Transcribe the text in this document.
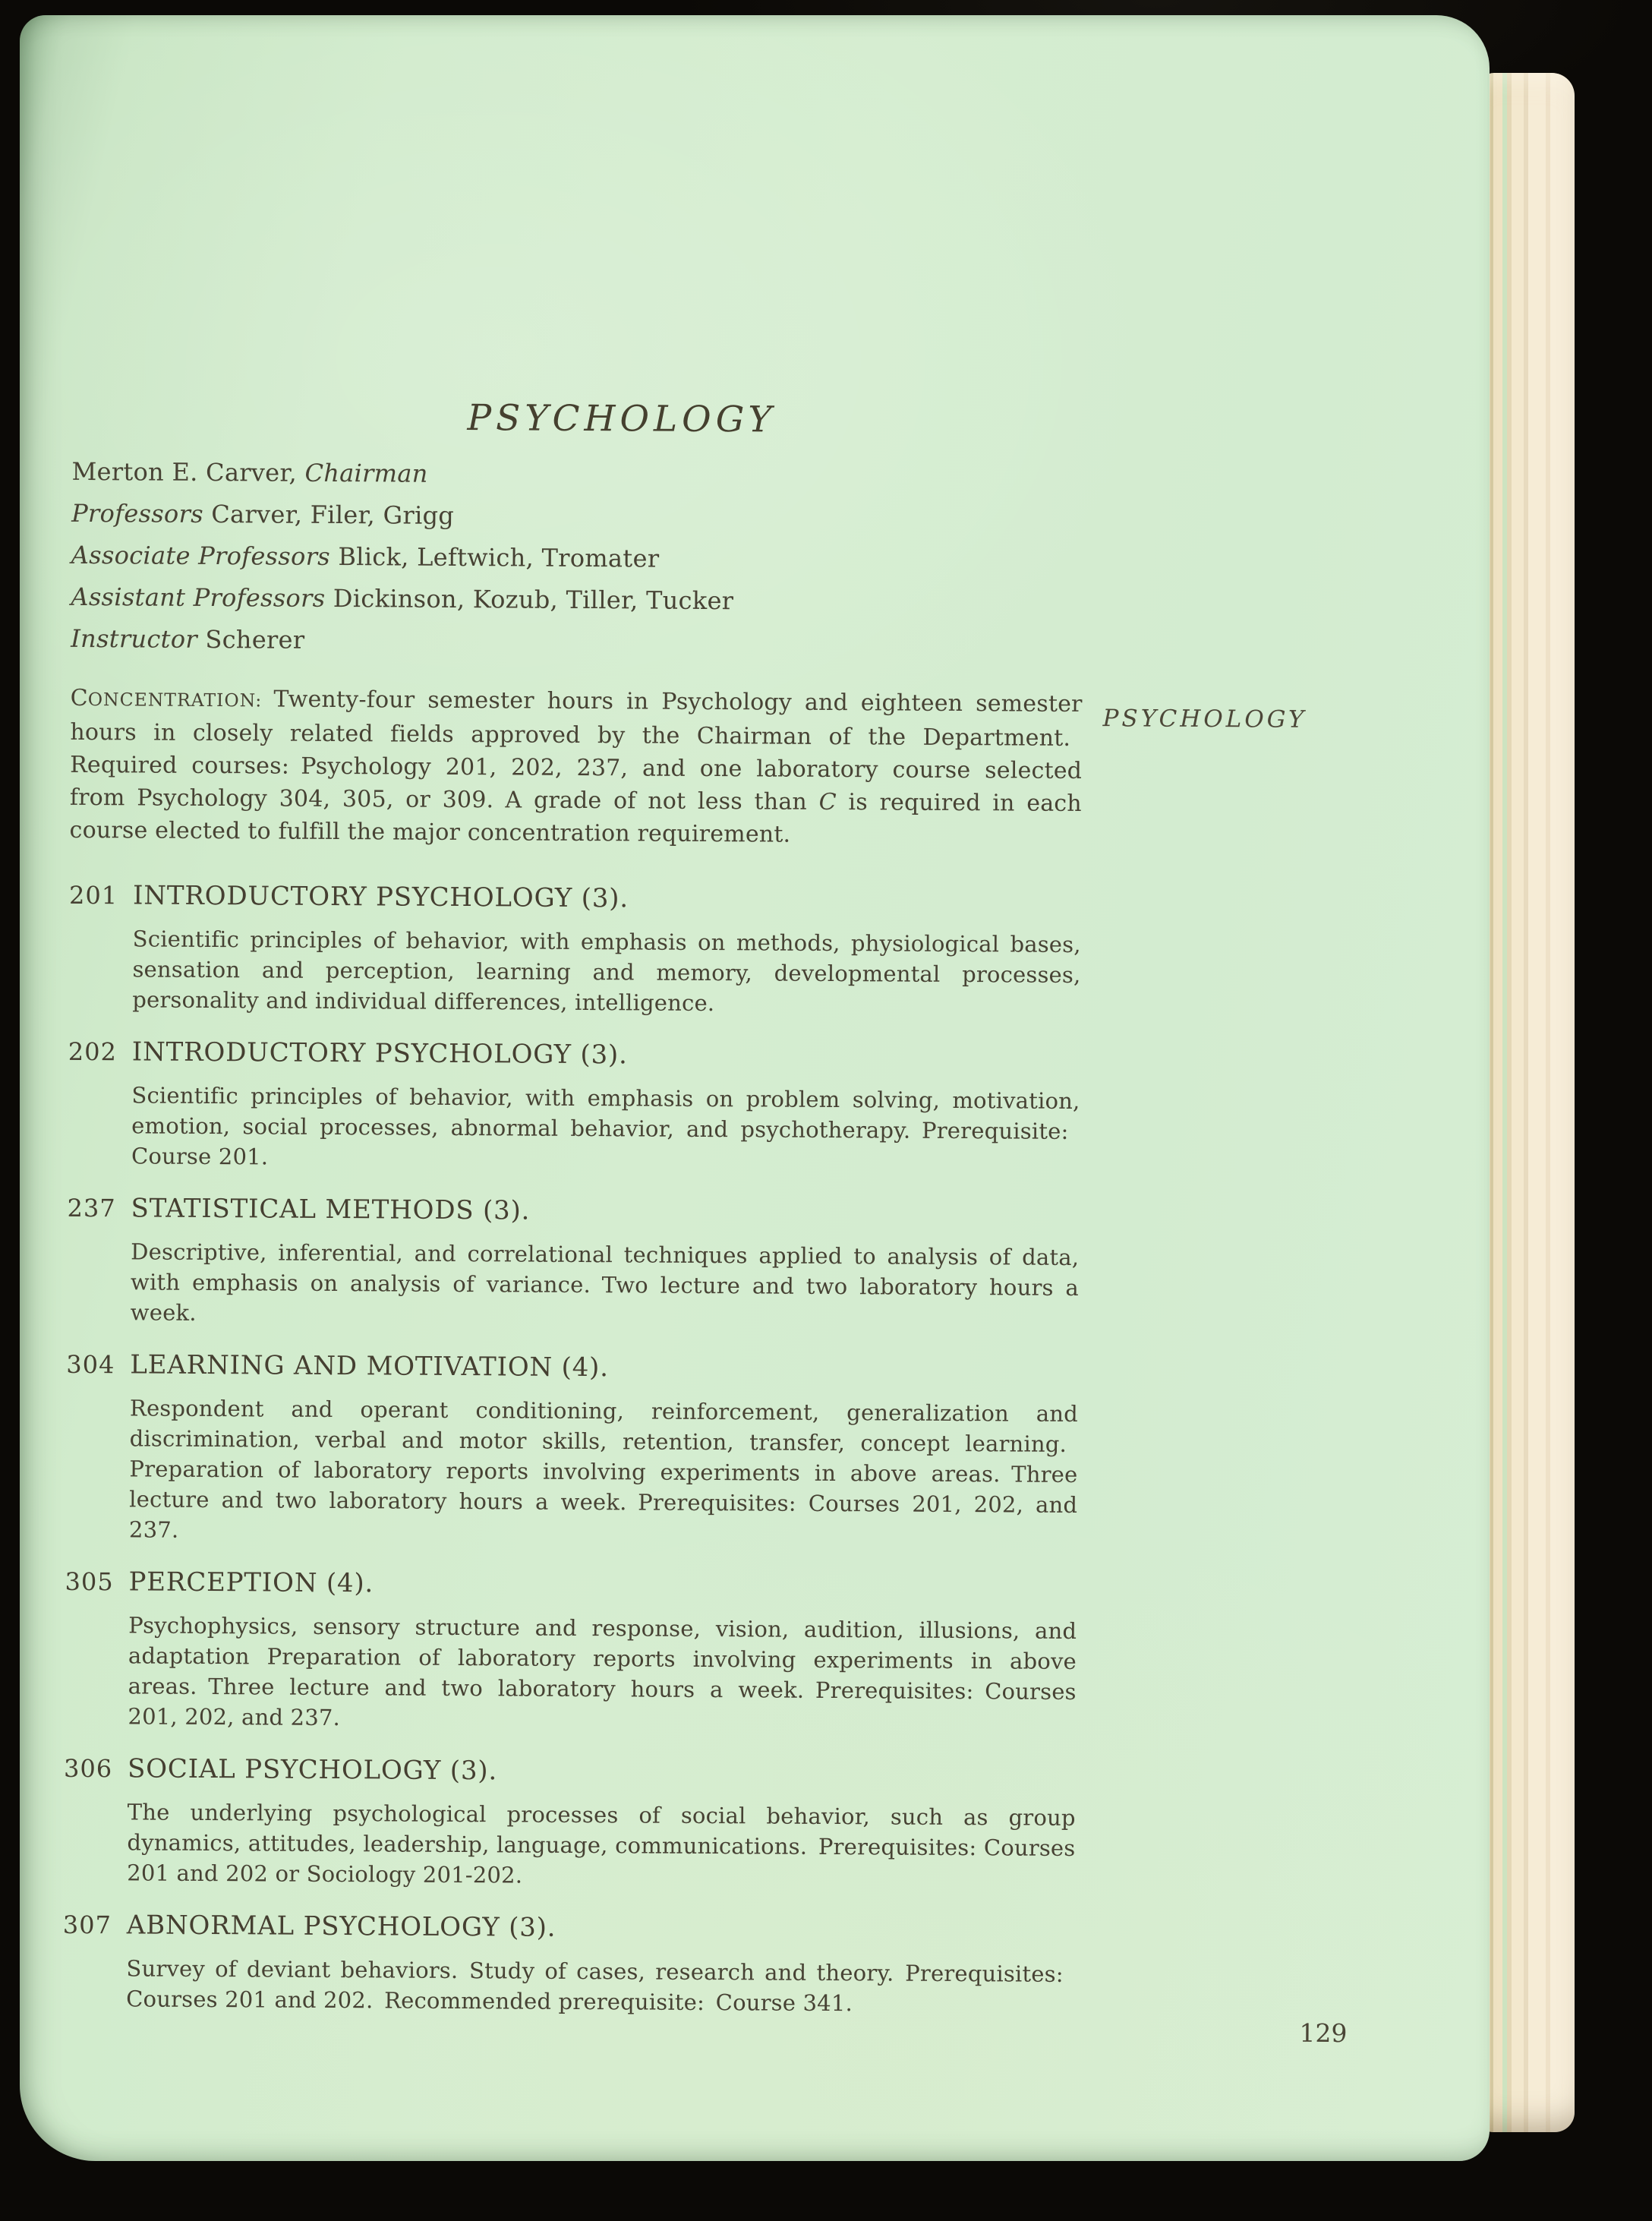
PSYCHOLOGY
PSYCHOLOGY

Merton E. Carver, Chairman

Professors Carver, Filer, Grigg

Associate Professors Blick, Leftwich, Tromater

Assistant Professors Dickinson, Kozub, Tiller, Tucker

Instructor Scherer

CONCENTRATION: Twenty-four semester hours in Psychology and eighteen semester hours in closely related fields approved by the Chairman of the Department. Required courses: Psychology 201, 202, 237, and one laboratory course selected from Psychology 304, 305, or 309. A grade of not less than C is required in each course elected to fulfill the major concentration requirement.
201 INTRODUCTORY PSYCHOLOGY (3).

Scientific principles of behavior, with emphasis on methods, physiological bases, sensation and perception, learning and memory, developmental processes, personality and individual differences, intelligence.

202 INTRODUCTORY PSYCHOLOGY (3).

Scientific principles of behavior, with emphasis on problem solving, motivation, emotion, social processes, abnormal behavior, and psychotherapy. Prerequisite: Course 201.

237 STATISTICAL METHODS (3).

Descriptive, inferential, and correlational techniques applied to analysis of data, with emphasis on analysis of variance. Two lecture and two laboratory hours a week.

304 LEARNING AND MOTIVATION (4).

Respondent and operant conditioning, reinforcement, generalization and discrimination, verbal and motor skills, retention, transfer, concept learning. Preparation of laboratory reports involving experiments in above areas. Three lecture and two laboratory hours a week. Prerequisites: Courses 201, 202, and 237.

305 PERCEPTION (4).

Psychophysics, sensory structure and response, vision, audition, illusions, and adaptation Preparation of laboratory reports involving experiments in above areas. Three lecture and two laboratory hours a week. Prerequisites: Courses 201, 202, and 237.

306 SOCIAL PSYCHOLOGY (3).

The underlying psychological processes of social behavior, such as group dynamics, attitudes, leadership, language, communications. Prerequisites: Courses 201 and 202 or Sociology 201-202.

307 ABNORMAL PSYCHOLOGY (3).

Survey of deviant behaviors. Study of cases, research and theory. Prerequisites: Courses 201 and 202. Recommended prerequisite: Course 341.

129
